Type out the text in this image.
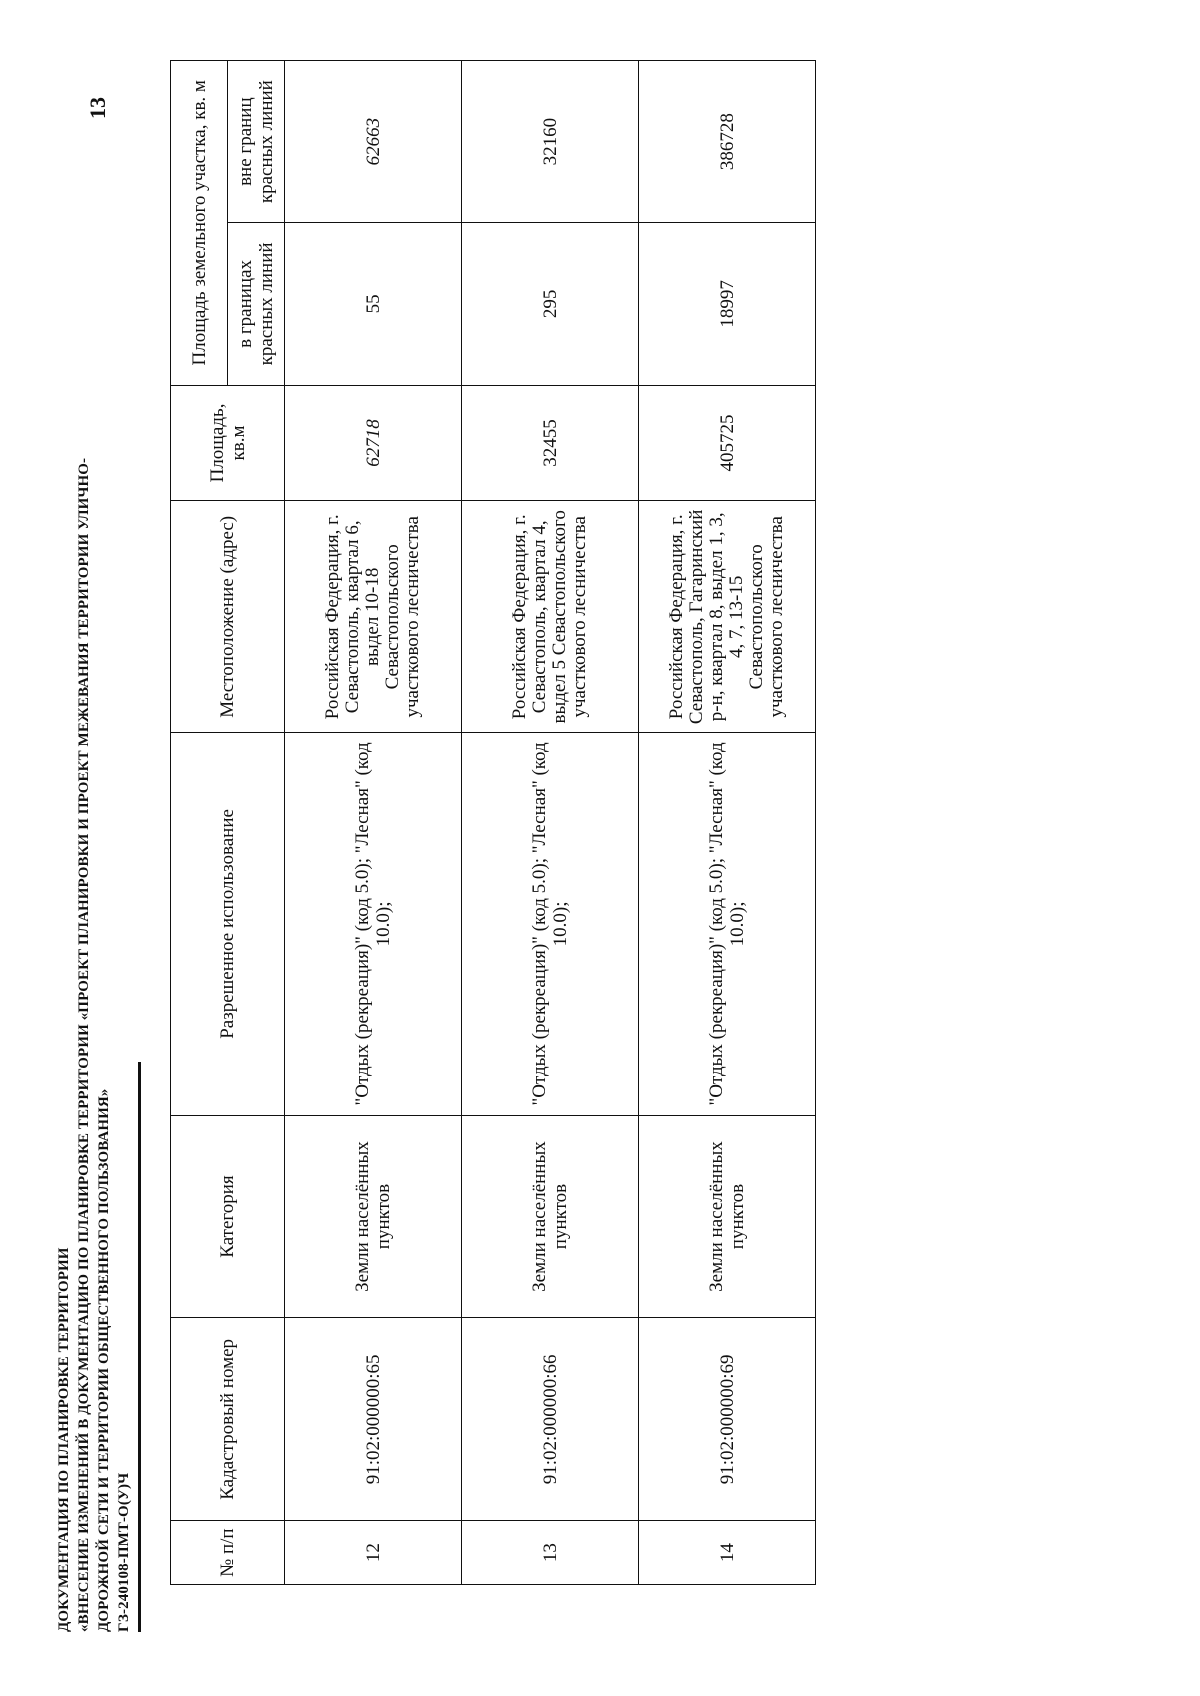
13
ДОКУМЕНТАЦИЯ ПО ПЛАНИРОВКЕ ТЕРРИТОРИИ «ВНЕСЕНИЕ ИЗМЕНЕНИЙ В ДОКУМЕНТАЦИЮ ПО ПЛАНИРОВКЕ ТЕРРИТОРИИ «ПРОЕКТ ПЛАНИРОВКИ И ПРОЕКТ МЕЖЕВАНИЯ ТЕРРИТОРИИ УЛИЧНО- ДОРОЖНОЙ СЕТИ И ТЕРРИТОРИИ ОБЩЕСТВЕННОГО ПОЛЬЗОВАНИЯ» ГЗ-240108-ПМТ-О(У)Ч	№ п/п	Кадастровый номер	Категория	Разрешенное использование	Местоположение (адрес)	Площадь, кв.м	Площадь земельного участка, кв. м	
						в границах красных линий	вне границ красных линий
12	91:02:000000:65	Земли населённых пунктов	"Отдых (рекреация)" (код 5.0); "Лесная" (код 10.0);	Российская Федерация, г. Севастополь, квартал 6, выдел 10-18 Севастопольского участкового лесничества	62718	55	62663
13	91:02:000000:66	Земли населённых пунктов	"Отдых (рекреация)" (код 5.0); "Лесная" (код 10.0);	Российская Федерация, г. Севастополь, квартал 4, выдел 5 Севастопольского участкового лесничества	32455	295	32160
14	91:02:000000:69	Земли населённых пунктов	"Отдых (рекреация)" (код 5.0); "Лесная" (код 10.0);	Российская Федерация, г. Севастополь, Гагаринский р-н, квартал 8, выдел 1, 3, 4, 7, 13-15 Севастопольского участкового лесничества	405725	18997	386728
